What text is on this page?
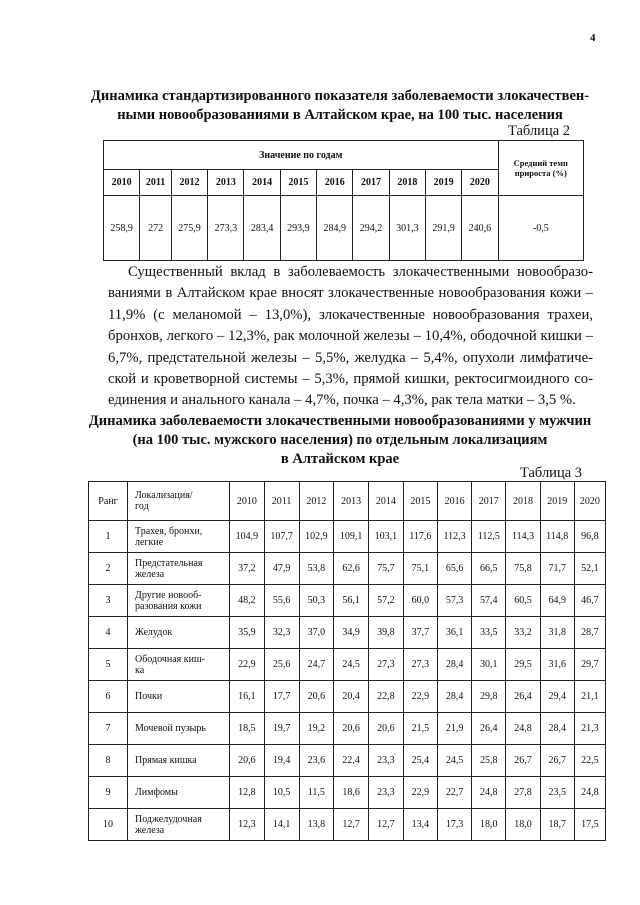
4
Динамика стандартизированного показателя заболеваемости злокачествен-
ными новообразованиями в Алтайском крае, на 100 тыс. населения
Таблица 2
Значение по годам											Средний темп
прироста (%)

2010	2011	2012	2013	2014	2015	2016	2017	2018	2019	2020	
258,9	272	275,9	273,3	283,4	293,9	284,9	294,2	301,3	291,9	240,6	-0,5
Существенный вклад в заболеваемость злокачественными новообразо-
ваниями в Алтайском крае вносят злокачественные новообразования кожи –
11,9% (с меланомой – 13,0%), злокачественные новообразования трахеи,
бронхов, легкого – 12,3%, рак молочной железы – 10,4%, ободочной кишки –
6,7%, предстательной железы – 5,5%, желудка – 5,4%, опухоли лимфатиче-
ской и кроветворной системы – 5,3%, прямой кишки, ректосигмоидного со-
единения и анального канала – 4,7%, почка – 4,3%, рак тела матки – 3,5 %.
Динамика заболеваемости злокачественными новообразованиями у мужчин
(на 100 тыс. мужского населения) по отдельным локализациям
в Алтайском крае
Таблица 3
Ранг	Локализация/
год	2010	2011	2012	2013	2014	2015	2016	2017	2018	2019	2020
1	Трахея, бронхи,
легкие	104,9	107,7	102,9	109,1	103,1	117,6	112,3	112,5	114,3	114,8	96,8
2	Предстательная
железа	37,2	47,9	53,8	62,6	75,7	75,1	65,6	66,5	75,8	71,7	52,1
3	Другие новооб-
разования кожи	48,2	55,6	50,3	56,1	57,2	60,0	57,3	57,4	60,5	64,9	46,7
4	Желудок	35,9	32,3	37,0	34,9	39,8	37,7	36,1	33,5	33,2	31,8	28,7
5	Ободочная киш-
ка	22,9	25,6	24,7	24,5	27,3	27,3	28,4	30,1	29,5	31,6	29,7
6	Почки	16,1	17,7	20,6	20,4	22,8	22,9	28,4	29,8	26,4	29,4	21,1
7	Мочевой пузырь	18,5	19,7	19,2	20,6	20,6	21,5	21,9	26,4	24,8	28,4	21,3
8	Прямая кишка	20,6	19,4	23,6	22,4	23,3	25,4	24,5	25,8	26,7	26,7	22,5
9	Лимфомы	12,8	10,5	11,5	18,6	23,3	22,9	22,7	24,8	27,8	23,5	24,8
10	Поджелудочная
железа	12,3	14,1	13,8	12,7	12,7	13,4	17,3	18,0	18,0	18,7	17,5
